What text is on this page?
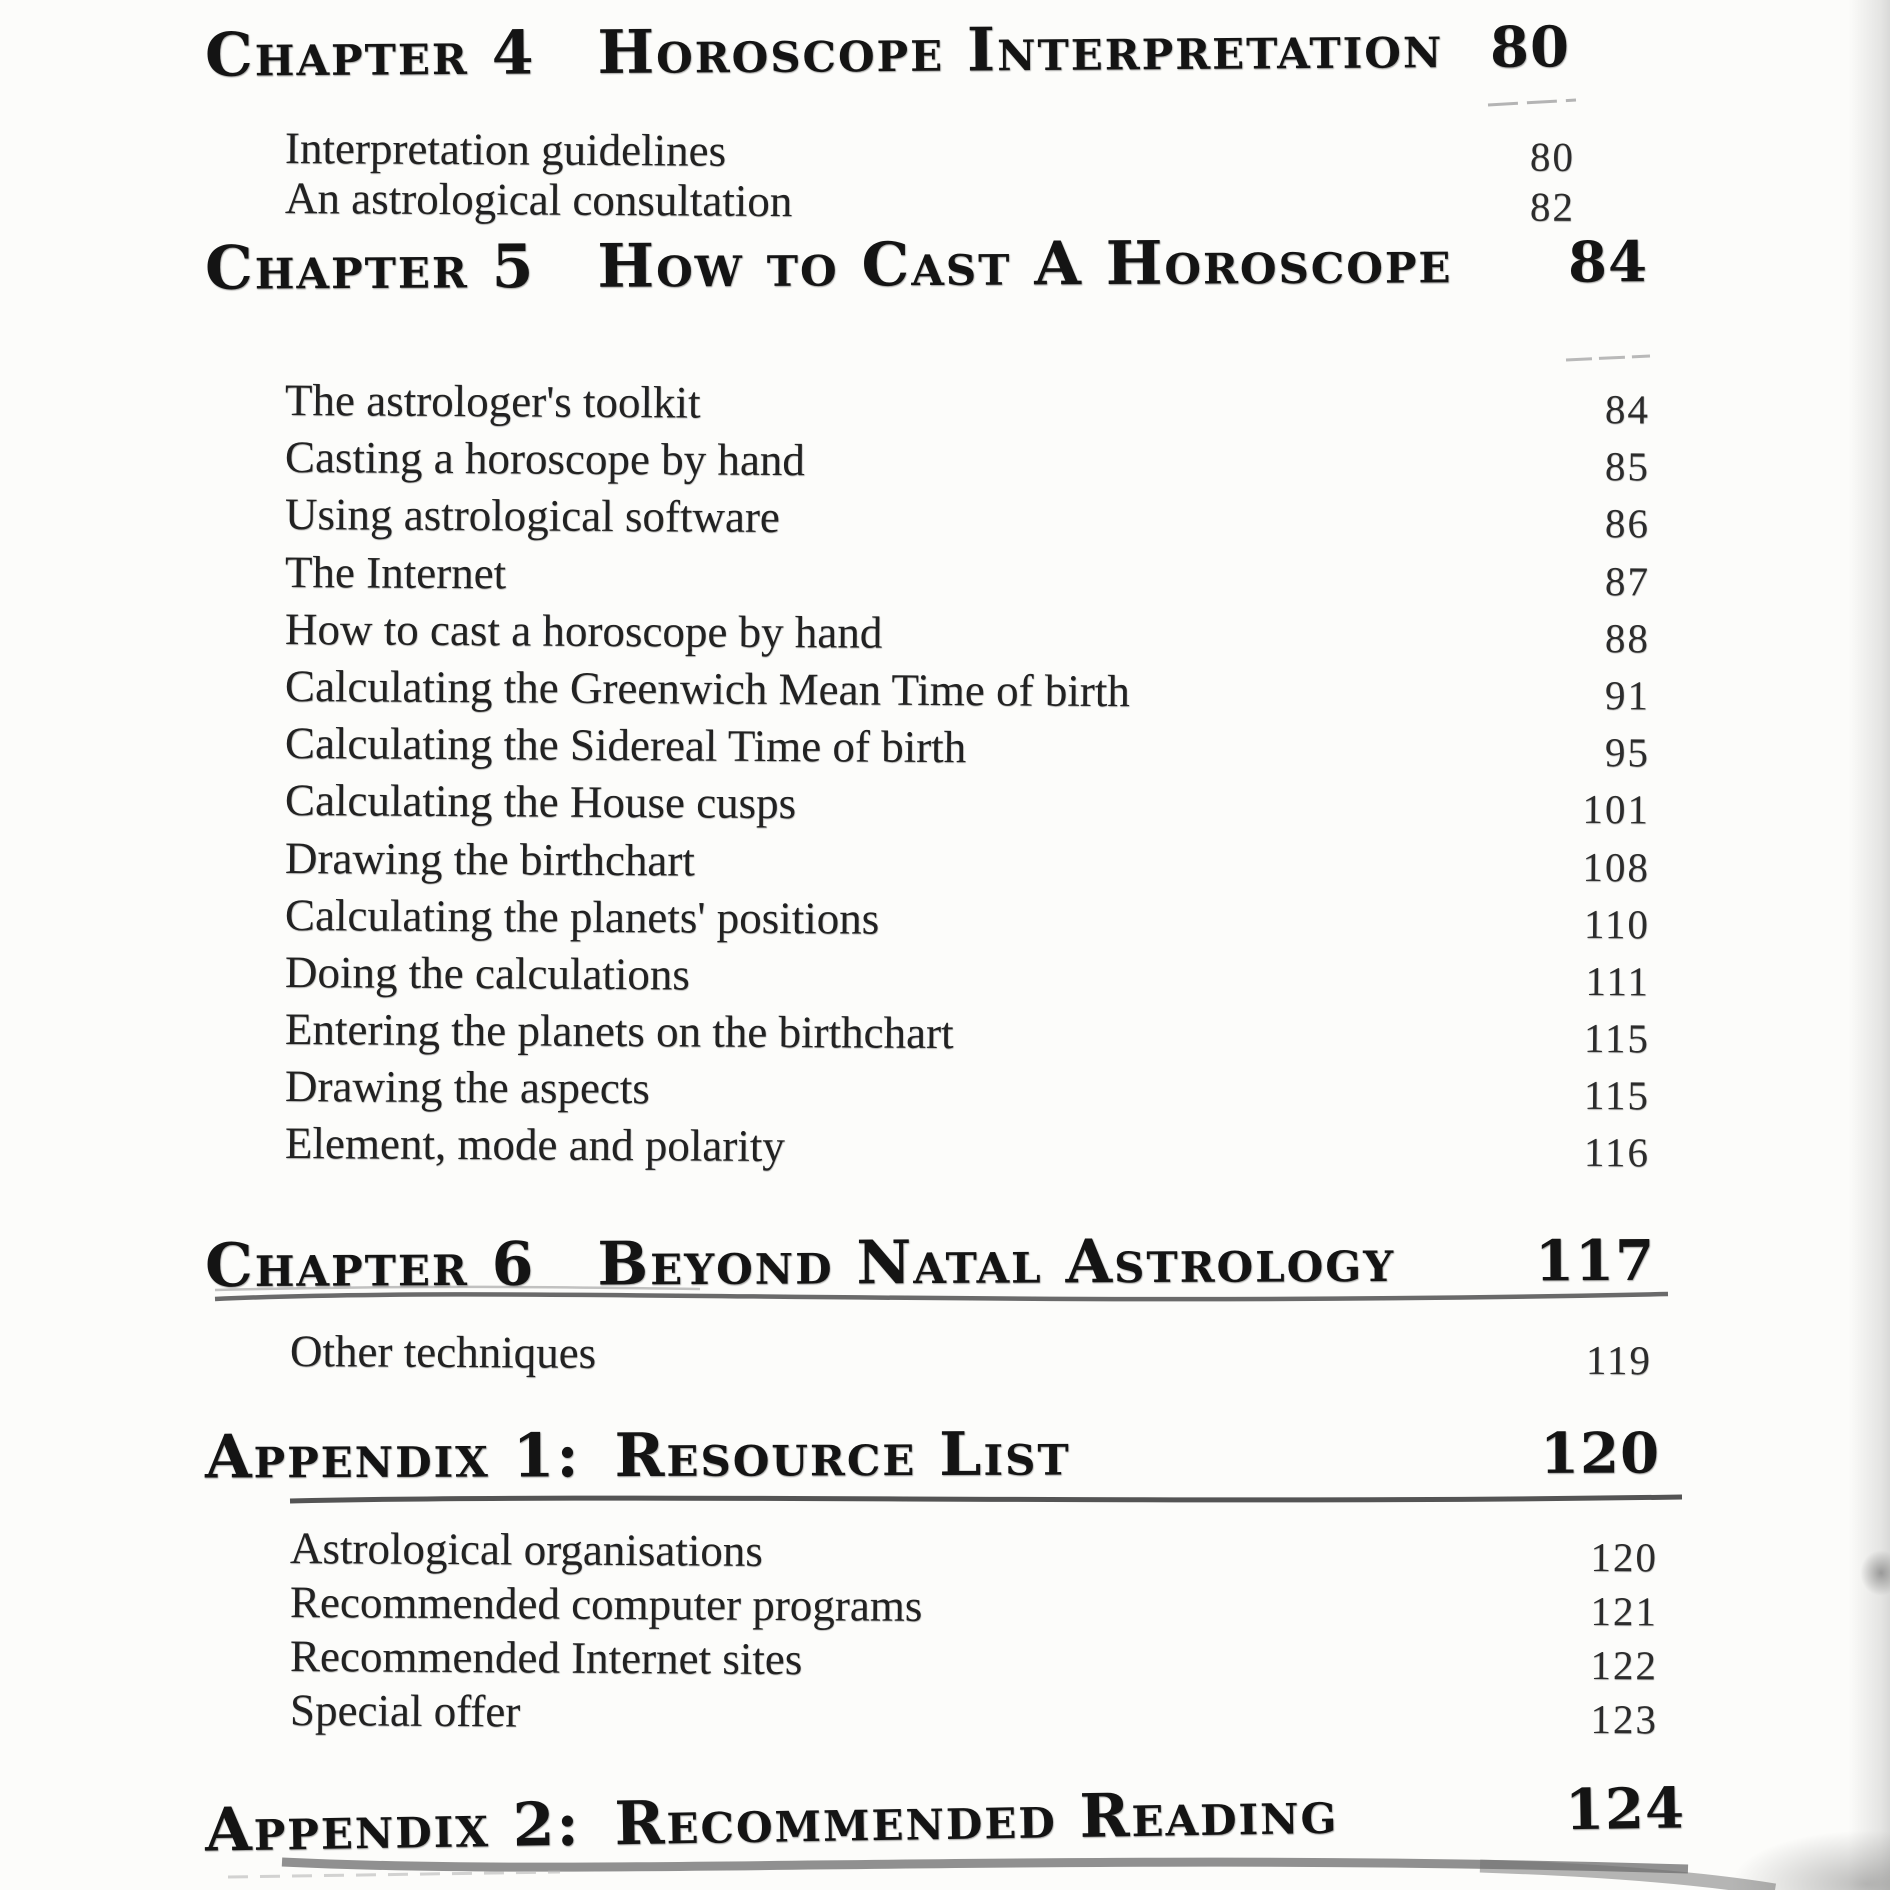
Chapter 4 Horoscope Interpretation 80
Interpretation guidelines	80
An astrological consultation	82
Chapter 5 How to Cast A Horoscope 84
The astrologer's toolkit	84
Casting a horoscope by hand	85
Using astrological software	86
The Internet	87
How to cast a horoscope by hand	88
Calculating the Greenwich Mean Time of birth	91
Calculating the Sidereal Time of birth	95
Calculating the House cusps	101
Drawing the birthchart	108
Calculating the planets' positions	110
Doing the calculations	111
Entering the planets on the birthchart	115
Drawing the aspects	115
Element, mode and polarity	116
Chapter 6 Beyond Natal Astrology 117
Other techniques	119
Appendix 1: Resource List	120
Astrological organisations	120
Recommended computer programs	121
Recommended Internet sites	122
Special offer	123
Appendix 2: Recommended Reading	124
